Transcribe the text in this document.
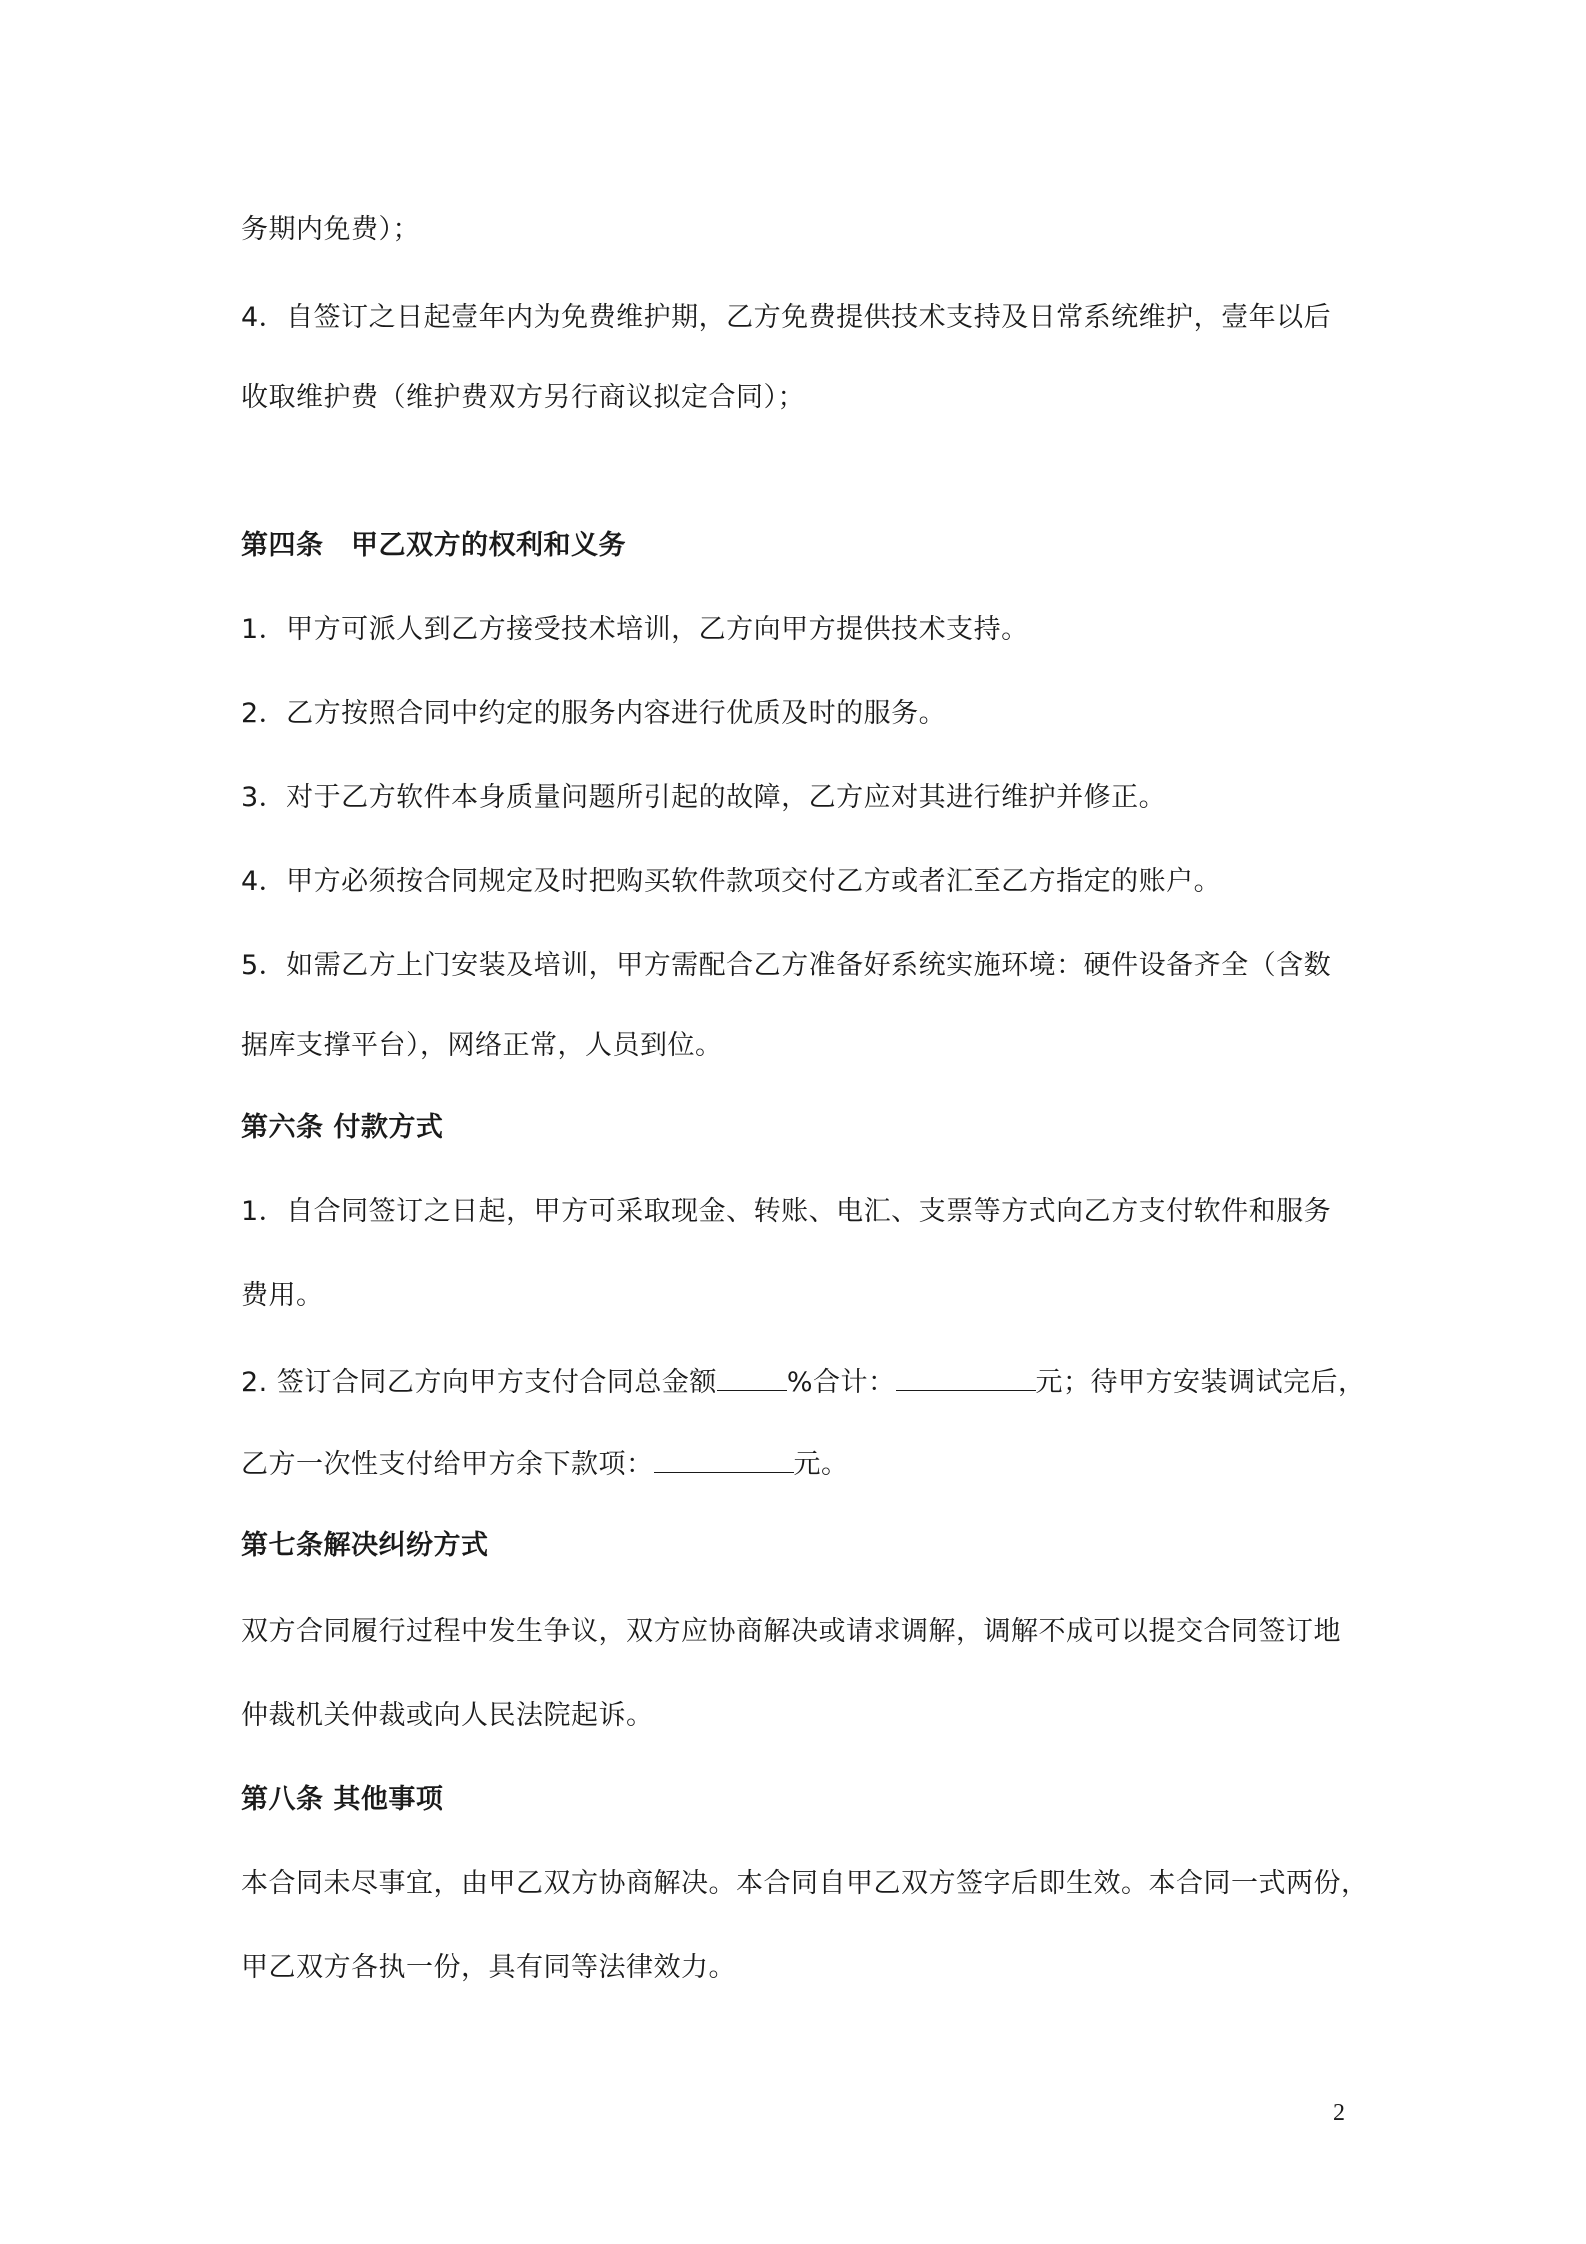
务期内免费）；
4．自签订之日起壹年内为免费维护期，乙方免费提供技术支持及日常系统维护，壹年以后
收取维护费（维护费双方另行商议拟定合同）；
第四条　甲乙双方的权利和义务
1．甲方可派人到乙方接受技术培训，乙方向甲方提供技术支持。
2．乙方按照合同中约定的服务内容进行优质及时的服务。
3．对于乙方软件本身质量问题所引起的故障，乙方应对其进行维护并修正。
4．甲方必须按合同规定及时把购买软件款项交付乙方或者汇至乙方指定的账户。
5．如需乙方上门安装及培训，甲方需配合乙方准备好系统实施环境：硬件设备齐全（含数
据库支撑平台），网络正常，人员到位。
第六条 付款方式
1．自合同签订之日起，甲方可采取现金、转账、电汇、支票等方式向乙方支付软件和服务
费用。
2. 签订合同乙方向甲方支付合同总金额	%合计：	元；待甲方安装调试完后，
乙方一次性支付给甲方余下款项：	元。
第七条解决纠纷方式
双方合同履行过程中发生争议，双方应协商解决或请求调解，调解不成可以提交合同签订地
仲裁机关仲裁或向人民法院起诉。
第八条 其他事项
本合同未尽事宜，由甲乙双方协商解决。本合同自甲乙双方签字后即生效。本合同一式两份，
甲乙双方各执一份，具有同等法律效力。
2
